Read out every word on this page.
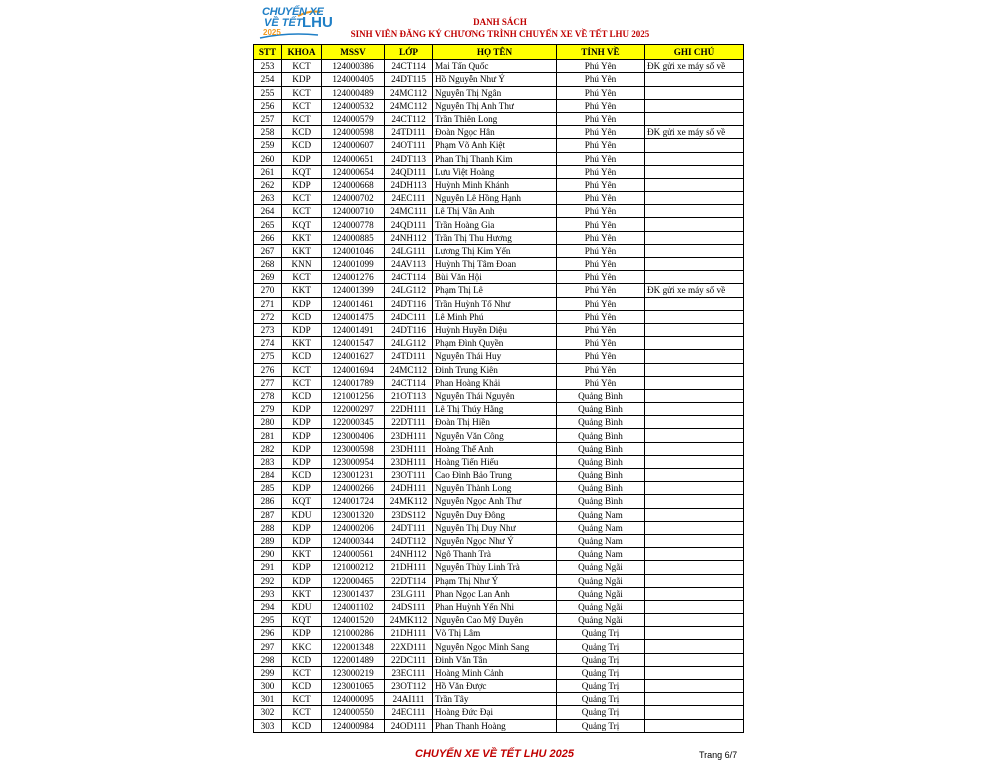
CHUYẾN XE
VỀ TẾT LHU
2025
DANH SÁCH
SINH VIÊN ĐĂNG KÝ CHƯƠNG TRÌNH CHUYẾN XE VỀ TẾT LHU 2025
STT	KHOA	MSSV	LỚP	HỌ TÊN	TỈNH VỀ	GHI CHÚ
253	KCT	124000386	24CT114	Mai Tấn Quốc	Phú Yên	ĐK gửi xe máy số về
254	KDP	124000405	24DT115	Hồ Nguyễn Như Ý	Phú Yên	
255	KCT	124000489	24MC112	Nguyễn Thị Ngân	Phú Yên	
256	KCT	124000532	24MC112	Nguyễn Thị Anh Thư	Phú Yên	
257	KCT	124000579	24CT112	Trần Thiên Long	Phú Yên	
258	KCD	124000598	24TD111	Đoàn Ngọc Hân	Phú Yên	ĐK gửi xe máy số về
259	KCD	124000607	24OT111	Phạm Võ Anh Kiệt	Phú Yên	
260	KDP	124000651	24DT113	Phan Thị Thanh Kim	Phú Yên	
261	KQT	124000654	24QD111	Lưu Việt Hoàng	Phú Yên	
262	KDP	124000668	24DH113	Huỳnh Minh Khánh	Phú Yên	
263	KCT	124000702	24EC111	Nguyễn Lê Hồng Hạnh	Phú Yên	
264	KCT	124000710	24MC111	Lê Thị Vân Anh	Phú Yên	
265	KQT	124000778	24QD111	Trần Hoàng Gia	Phú Yên	
266	KKT	124000885	24NH112	Trần Thị Thu Hương	Phú Yên	
267	KKT	124001046	24LG111	Lương Thị Kim Yến	Phú Yên	
268	KNN	124001099	24AV113	Huỳnh Thị Tâm Đoan	Phú Yên	
269	KCT	124001276	24CT114	Bùi Văn Hội	Phú Yên	
270	KKT	124001399	24LG112	Phạm Thị Lê	Phú Yên	ĐK gửi xe máy số về
271	KDP	124001461	24DT116	Trần Huỳnh Tố Như	Phú Yên	
272	KCD	124001475	24DC111	Lê Minh Phú	Phú Yên	
273	KDP	124001491	24DT116	Huỳnh Huyền Diệu	Phú Yên	
274	KKT	124001547	24LG112	Phạm Đình Quyền	Phú Yên	
275	KCD	124001627	24TD111	Nguyễn Thái Huy	Phú Yên	
276	KCT	124001694	24MC112	Đinh Trung Kiên	Phú Yên	
277	KCT	124001789	24CT114	Phan Hoàng Khải	Phú Yên	
278	KCD	121001256	21OT113	Nguyễn Thái Nguyên	Quảng Bình	
279	KDP	122000297	22DH111	Lê Thị Thúy Hằng	Quảng Bình	
280	KDP	122000345	22DT111	Đoàn Thị Hiền	Quảng Bình	
281	KDP	123000406	23DH111	Nguyễn Văn Công	Quảng Bình	
282	KDP	123000598	23DH111	Hoàng Thế Anh	Quảng Bình	
283	KDP	123000954	23DH111	Hoàng Tiến Hiếu	Quảng Bình	
284	KCD	123001231	23OT111	Cao Đình Bảo Trung	Quảng Bình	
285	KDP	124000266	24DH111	Nguyễn Thành Long	Quảng Bình	
286	KQT	124001724	24MK112	Nguyễn Ngọc Anh Thư	Quảng Bình	
287	KDU	123001320	23DS112	Nguyễn Duy Đông	Quảng Nam	
288	KDP	124000206	24DT111	Nguyễn Thị Duy Như	Quảng Nam	
289	KDP	124000344	24DT112	Nguyễn Ngọc Như Ý	Quảng Nam	
290	KKT	124000561	24NH112	Ngô Thanh Trà	Quảng Nam	
291	KDP	121000212	21DH111	Nguyễn Thùy Linh Trà	Quảng Ngãi	
292	KDP	122000465	22DT114	Phạm Thị Như Ý	Quảng Ngãi	
293	KKT	123001437	23LG111	Phan Ngọc Lan Anh	Quảng Ngãi	
294	KDU	124001102	24DS111	Phan Huỳnh Yến Nhi	Quảng Ngãi	
295	KQT	124001520	24MK112	Nguyễn Cao Mỹ Duyên	Quảng Ngãi	
296	KDP	121000286	21DH111	Võ Thị Lâm	Quảng Trị	
297	KKC	122001348	22XD111	Nguyễn Ngọc Minh Sang	Quảng Trị	
298	KCD	122001489	22DC111	Đinh Văn Tân	Quảng Trị	
299	KCT	123000219	23EC111	Hoàng Minh Cảnh	Quảng Trị	
300	KCD	123001065	23OT112	Hồ Văn Được	Quảng Trị	
301	KCT	124000095	24AI111	Trần Tây	Quảng Trị	
302	KCT	124000550	24EC111	Hoàng Đức Đại	Quảng Trị	
303	KCD	124000984	24OD111	Phan Thanh Hoàng	Quảng Trị	
CHUYẾN XE VỀ TẾT LHU 2025	Trang 6/7
